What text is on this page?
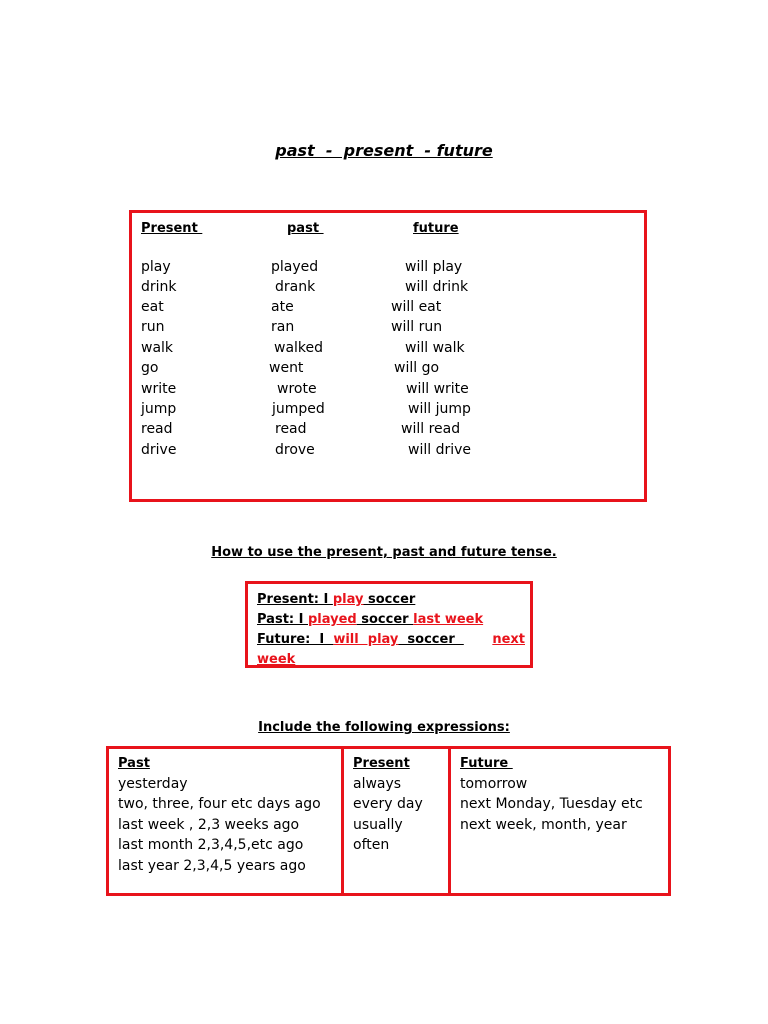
past  -  present  - future
Present	past	future
play	played	will play
drink	drank	will drink
eat	ate	will eat
run	ran	will run
walk	walked	will walk
go	went	will go
write	wrote	will write
jump	jumped	will jump
read	read	will read
drive	drove	will drive
How to use the present, past and future tense.
Present: I play soccer
Past: I played soccer last week
Future:  I  will  play  soccer next
week
Include the following expressions:
Past
yesterday
two, three, four etc days ago
last week , 2,3 weeks ago
last month 2,3,4,5,etc ago
last year 2,3,4,5 years ago
Present
always
every day
usually
often
Future
tomorrow
next Monday, Tuesday etc
next week, month, year
